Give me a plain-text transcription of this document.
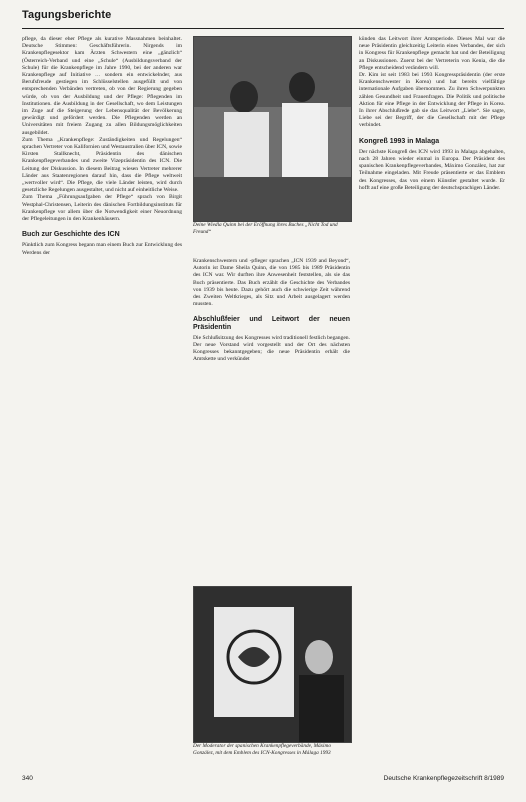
Tagungsberichte

pflege, da dieser eher Pflege als kurative Massnahmen beinhaltet. Deutsche Stimmen: Geschäftsführerin. Nirgends im Krankenpflegesektor kam Ärzten Schwestern eine „gänzlich“ (Österreich-Verband und eine „Schule“ (Ausbildungsverband der Schule) für die Krankenpflege im Jahre 1990, bei der anderen war Krankenpflege auf Initiative … sondern ein entwickelnder, aus Berufsfreude gestiegen im Schlüsselstellen ausgefüllt und von entsprechenden Verbänden vertreten, ob von der Regierung gegeben würde, ob von der Ausbildung und der Pflege: Pflegenden im Institutionen. die Ausbildung in der Gesellschaft, wo dem Leistungen im Zuge auf die Steigerung der Lebensqualität der Bevölkerung gewürdigt und gefördert werden. Die Pflegenden werden an Universitäten mit freiem Zugang zu allen Bildungsmöglichkeiten ausgebildet.

Zum Thema „Krankenpflege: Zuständigkeiten und Regelungen“ sprachen Vertreter von Kalifornien und Westaustralien über ICN, sowie Kirsten Stallknecht, Präsidentin des dänischen Krankenpflegeverbandes und zweite Vizepräsidentin des ICN. Die Leitung der Diskussion. In diesem Beitrag wiesen Vertreter mehrerer Länder aus Staatenregionen darauf hin, dass die Pflege weltweit „wertvoller wird“. Die Pflege, die viele Länder leisten, wird durch gesetzliche Regelungen ausgestaltet, und nicht auf einheitliche Weise.

Zum Thema „Führungsaufgaben der Pflege“ sprach von Birgit Westphal-Christensen, Leiterin des dänischen Fortbildungsinstituts für Krankenpflege vor allem über die Notwendigkeit einer Neuordnung der Pflegeleitungen in den Krankenhäusern.

Buch zur Geschichte des ICN

Pünktlich zum Kongress begann man einem Buch zur Entwicklung des Werdens der

Deine Wiedla Quinn bei der Eröffnung ihres Buches „Nicht Tod und Freund“

Krankenschwestern und -pfleger sprachen „ICN 1939 and Beyond“, Autorin ist Dame Sheila Quinn, die von 1985 bis 1989 Präsidentin des ICN war. Wir durften ihre Anwesenheit feststellen, als sie das Buch präsentierte. Das Buch erzählt die Geschichte des Verbandes von 1939 bis heute. Dazu gehört auch die schwierige Zeit während des Zweiten Weltkrieges, als Sitz und Arbeit ausgelagert werden mussten.

Abschlußfeier und Leitwort der neuen Präsidentin

Die Schlußsitzung des Kongresses wird traditionell festlich begangen. Der neue Vorstand wird vorgestellt und der Ort des nächsten Kongresses bekanntgegeben; die neue Präsidentin erhält die Amtskette und verkündet

Der Moderator der spanischen Krankenpflegeverbände, Máximo González, mit dem Emblem des ICN-Kongresses in Málaga 1993

künden das Leitwort ihrer Amtsperiode. Dieses Mal war die neue Präsidentin gleichzeitig Leiterin eines Verbandes, der sich in Kongress für Krankenpflege gemacht hat und der Beteiligung an Diskussionen. Zuerst bei der Vertreterin von Kenia, die die Pflege entscheidend verändern will.

Dr. Kim ist seit 1983 bei 1993 Kongresspräsidentin (der erste Krankenschwester in Korea) und hat bereits vielfältige internationale Aufgaben übernommen. Zu ihren Schwerpunkten zählen Gesundheit und Frauenfragen. Die Politik und politische Aktion für eine Pflege in der Entwicklung der Pflege in Korea. In ihrer Abschlußrede gab sie das Leitwort „Liebe“. Sie sagte, Liebe sei der Begriff, der die Gesellschaft mit der Pflege verbindet.

Kongreß 1993 in Malaga

Der nächste Kongreß des ICN wird 1993 in Malaga abgehalten, nach 28 Jahren wieder einmal in Europa. Der Präsident des spanischen Krankenpflegeverbandes, Máximo González, hat zur Teilnahme eingeladen. Mit Freude präsentierte er das Emblem des Kongresses, das von einem Künstler gestaltet wurde. Er hofft auf eine große Beteiligung der deutschsprachigen Länder.

340	Deutsche Krankenpflegezeitschrift 8/1989
